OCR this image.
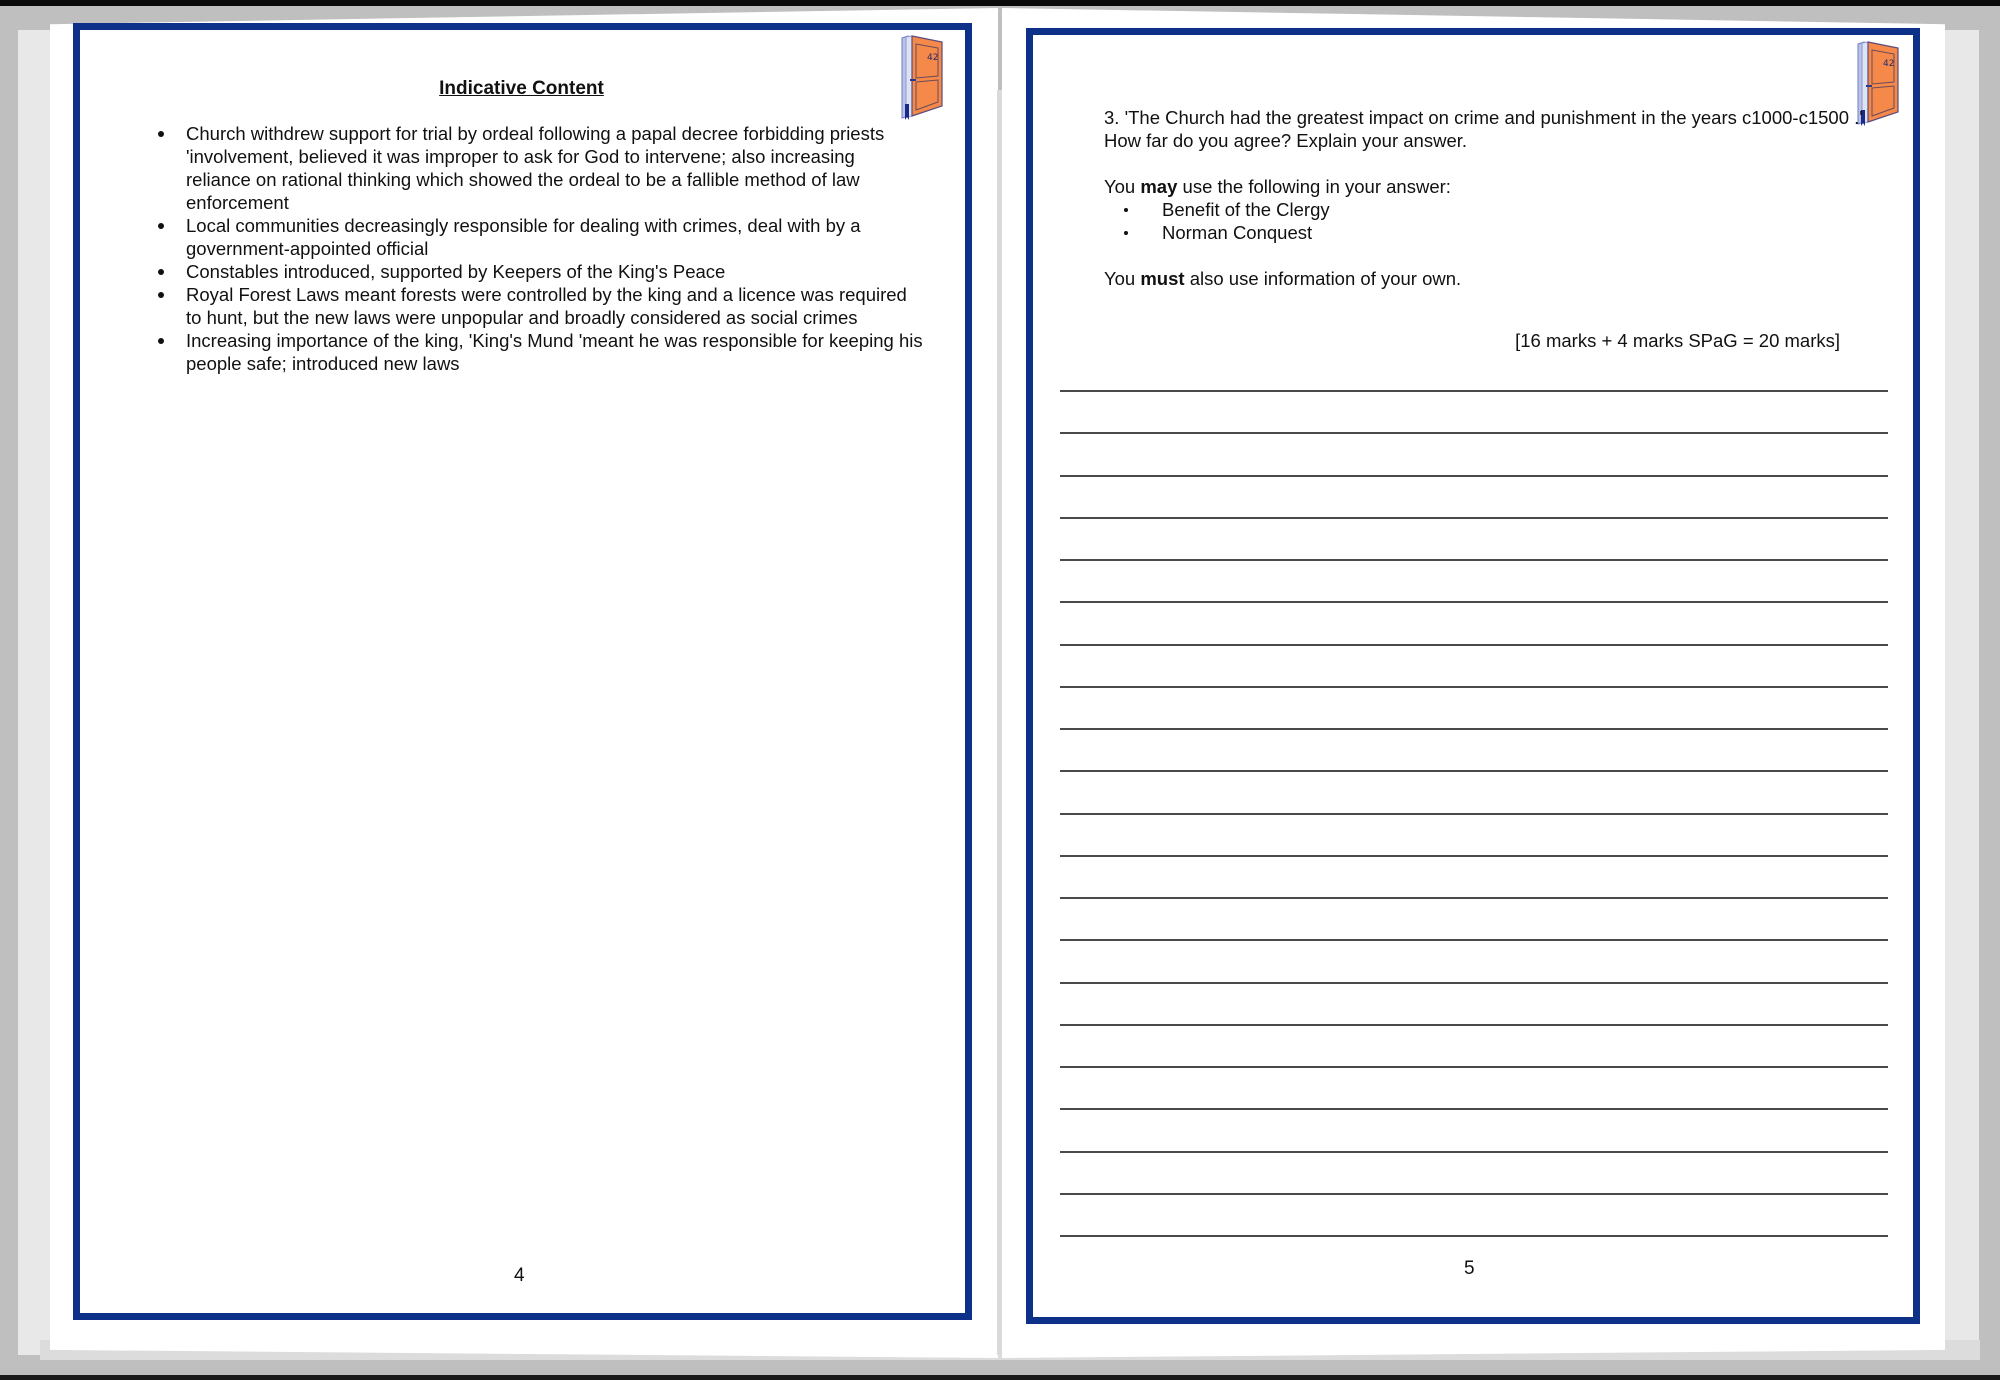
42
42
Indicative Content
Church withdrew support for trial by ordeal following a papal decree forbidding priests 'involvement, believed it was improper to ask for God to intervene; also increasing reliance on rational thinking which showed the ordeal to be a fallible method of law enforcement
Local communities decreasingly responsible for dealing with crimes, deal with by a government-appointed official
Constables introduced, supported by Keepers of the King's Peace
Royal Forest Laws meant forests were controlled by the king and a licence was required to hunt, but the new laws were unpopular and broadly considered as social crimes
Increasing importance of the king, 'King's Mund 'meant he was responsible for keeping his people safe; introduced new laws
4

3. 'The Church had the greatest impact on crime and punishment in the years c1000-c1500 .'

How far do you agree? Explain your answer.

You may use the following in your answer:

Benefit of the Clergy
Norman Conquest

You must also use information of your own.

[16 marks + 4 marks SPaG = 20 marks]
5
